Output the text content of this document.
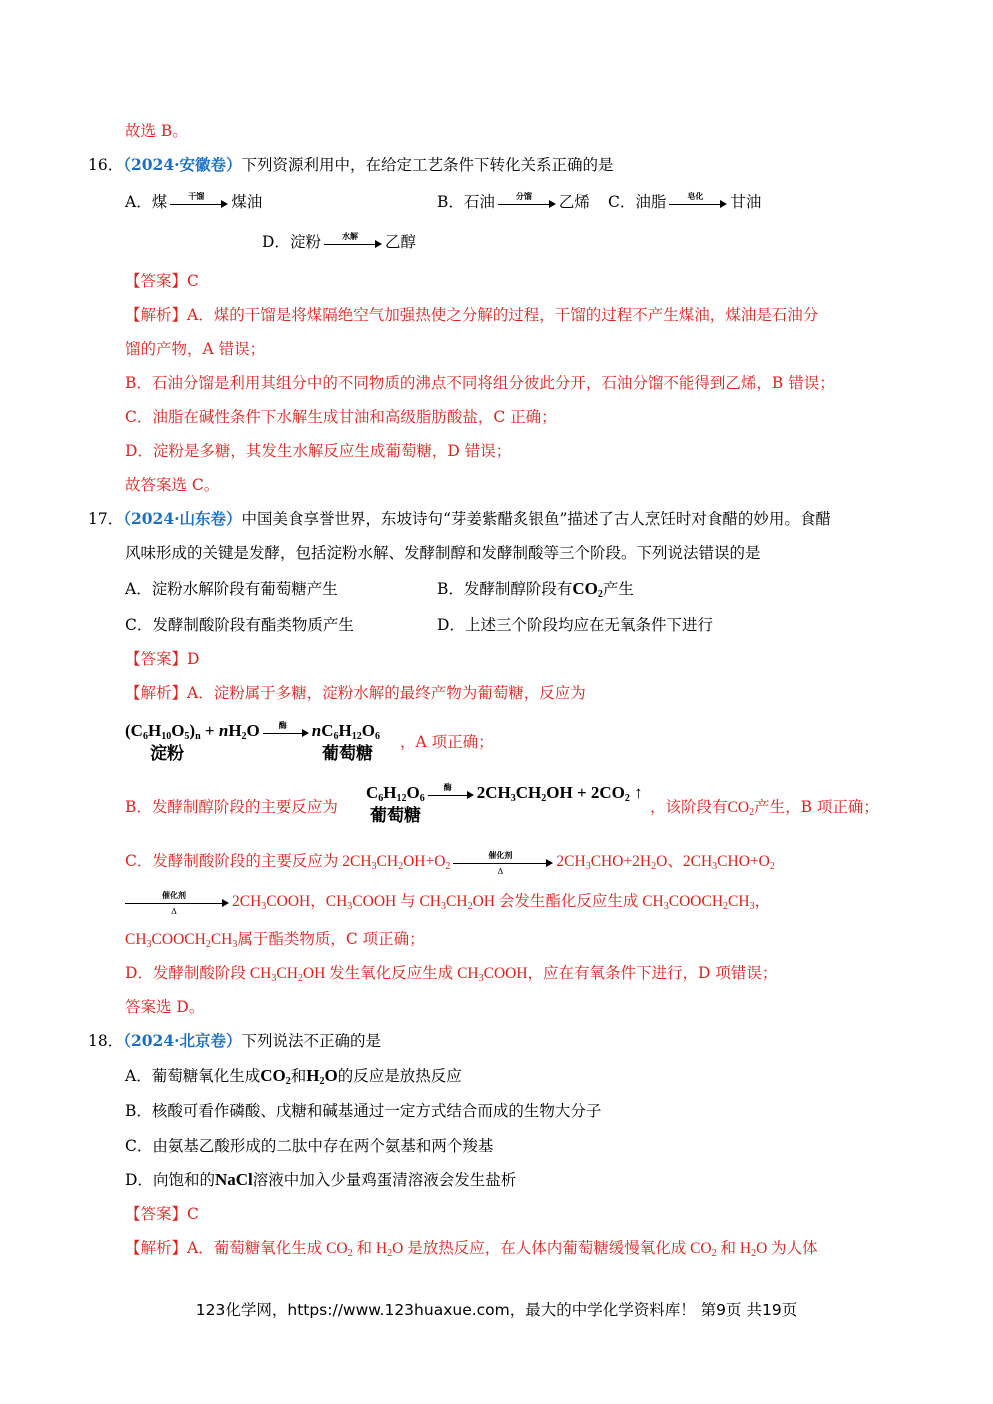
故选 B。
16．（2024·安徽卷）下列资源利用中，在给定工艺条件下转化关系正确的是
A．煤	干馏	煤油	B．石油	分馏	乙烯 C．油脂	皂化	甘油
D．淀粉	水解	乙醇
【答案】C
【解析】A．煤的干馏是将煤隔绝空气加强热使之分解的过程，干馏的过程不产生煤油，煤油是石油分
馏的产物，A 错误；
B．石油分馏是利用其组分中的不同物质的沸点不同将组分彼此分开，石油分馏不能得到乙烯，B 错误；
C．油脂在碱性条件下水解生成甘油和高级脂肪酸盐，C 正确；
D．淀粉是多糖，其发生水解反应生成葡萄糖，D 错误；
故答案选 C。
17．（2024·山东卷）中国美食享誉世界，东坡诗句“芽姜紫醋炙银鱼”描述了古人烹饪时对食醋的妙用。食醋
风味形成的关键是发酵，包括淀粉水解、发酵制醇和发酵制酸等三个阶段。下列说法错误的是
A．淀粉水解阶段有葡萄糖产生	B．发酵制醇阶段有$CO_2$产生
C．发酵制酸阶段有酯类物质产生	D．上述三个阶段均应在无氧条件下进行
【答案】D
【解析】A．淀粉属于多糖，淀粉水解的最终产物为葡萄糖，反应为
$(C_6H_{10}O_5)_n + nH_2O$	酶	$nC_6H_{12}O_6$
淀粉	葡萄糖
，A 项正确；
B．发酵制醇阶段的主要反应为
$C_6H_{12}O_6$
酶	$2CH_3CH_2OH + 2CO_2$ ↑
葡萄糖	，该阶段有$CO_2$产生，B 项正确；
C．发酵制酸阶段的主要反应为 $2CH_3CH_2OH+O_2$
催化剂
Δ
$2CH_3CHO+2H_2O$、$2CH_3CHO+O_2$
催化剂
Δ
$2CH_3COOH$，$CH_3COOH$ 与 $CH_3CH_2OH$ 会发生酯化反应生成 $CH_3COOCH_2CH_3$，
$CH_3COOCH_2CH_3$属于酯类物质，C 项正确；
D．发酵制酸阶段 $CH_3CH_2OH$ 发生氧化反应生成 $CH_3COOH$，应在有氧条件下进行，D 项错误；
答案选 D。
18．（2024·北京卷）下列说法不正确的是
A．葡萄糖氧化生成$CO_2$和$H_2O$的反应是放热反应
B．核酸可看作磷酸、戊糖和碱基通过一定方式结合而成的生物大分子
C．由氨基乙酸形成的二肽中存在两个氨基和两个羧基
D．向饱和的NaCl溶液中加入少量鸡蛋清溶液会发生盐析
【答案】C
【解析】A．葡萄糖氧化生成 $CO_2$ 和 $H_2O$ 是放热反应，在人体内葡萄糖缓慢氧化成 $CO_2$ 和 $H_2O$ 为人体
123化学网，https://www.123huaxue.com，最大的中学化学资料库！ 第9页 共19页
